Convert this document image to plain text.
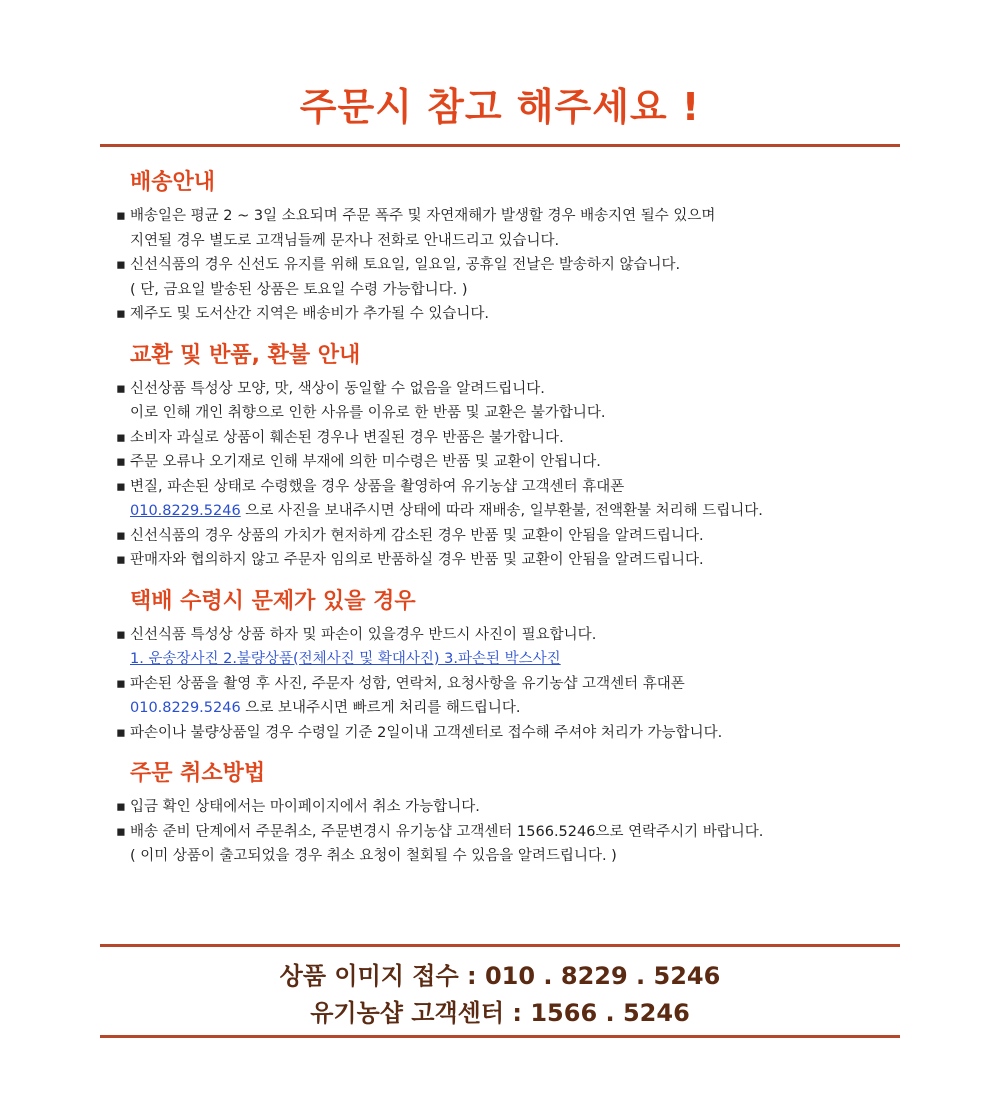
주문시 참고 해주세요 !
배송안내
▪ 배송일은 평균 2 ~ 3일 소요되며 주문 폭주 및 자연재해가 발생할 경우 배송지연 될수 있으며
지연될 경우 별도로 고객님들께 문자나 전화로 안내드리고 있습니다.
▪ 신선식품의 경우 신선도 유지를 위해 토요일, 일요일, 공휴일 전날은 발송하지 않습니다.
( 단, 금요일 발송된 상품은 토요일 수령 가능합니다. )
▪ 제주도 및 도서산간 지역은 배송비가 추가될 수 있습니다.
교환 및 반품, 환불 안내
▪ 신선상품 특성상 모양, 맛, 색상이 동일할 수 없음을 알려드립니다.
이로 인해 개인 취향으로 인한 사유를 이유로 한 반품 및 교환은 불가합니다.
▪ 소비자 과실로 상품이 훼손된 경우나 변질된 경우 반품은 불가합니다.
▪ 주문 오류나 오기재로 인해 부재에 의한 미수령은 반품 및 교환이 안됩니다.
▪ 변질, 파손된 상태로 수령했을 경우 상품을 촬영하여 유기농샵 고객센터 휴대폰
010.8229.5246 으로 사진을 보내주시면 상태에 따라 재배송, 일부환불, 전액환불 처리해 드립니다.
▪ 신선식품의 경우 상품의 가치가 현저하게 감소된 경우 반품 및 교환이 안됨을 알려드립니다.
▪ 판매자와 협의하지 않고 주문자 임의로 반품하실 경우 반품 및 교환이 안됨을 알려드립니다.
택배 수령시 문제가 있을 경우
▪ 신선식품 특성상 상품 하자 및 파손이 있을경우 반드시 사진이 필요합니다.
1. 운송장사진 2.불량상품(전체사진 및 확대사진) 3.파손된 박스사진
▪ 파손된 상품을 촬영 후 사진, 주문자 성함, 연락처, 요청사항을 유기농샵 고객센터 휴대폰
010.8229.5246 으로 보내주시면 빠르게 처리를 해드립니다.
▪ 파손이나 불량상품일 경우 수령일 기준 2일이내 고객센터로 접수해 주셔야 처리가 가능합니다.
주문 취소방법
▪ 입금 확인 상태에서는 마이페이지에서 취소 가능합니다.
▪ 배송 준비 단계에서 주문취소, 주문변경시 유기농샵 고객센터 1566.5246으로 연락주시기 바랍니다.
( 이미 상품이 출고되었을 경우 취소 요청이 철회될 수 있음을 알려드립니다. )
상품 이미지 접수 : 010 . 8229 . 5246
유기농샵 고객센터 : 1566 . 5246
